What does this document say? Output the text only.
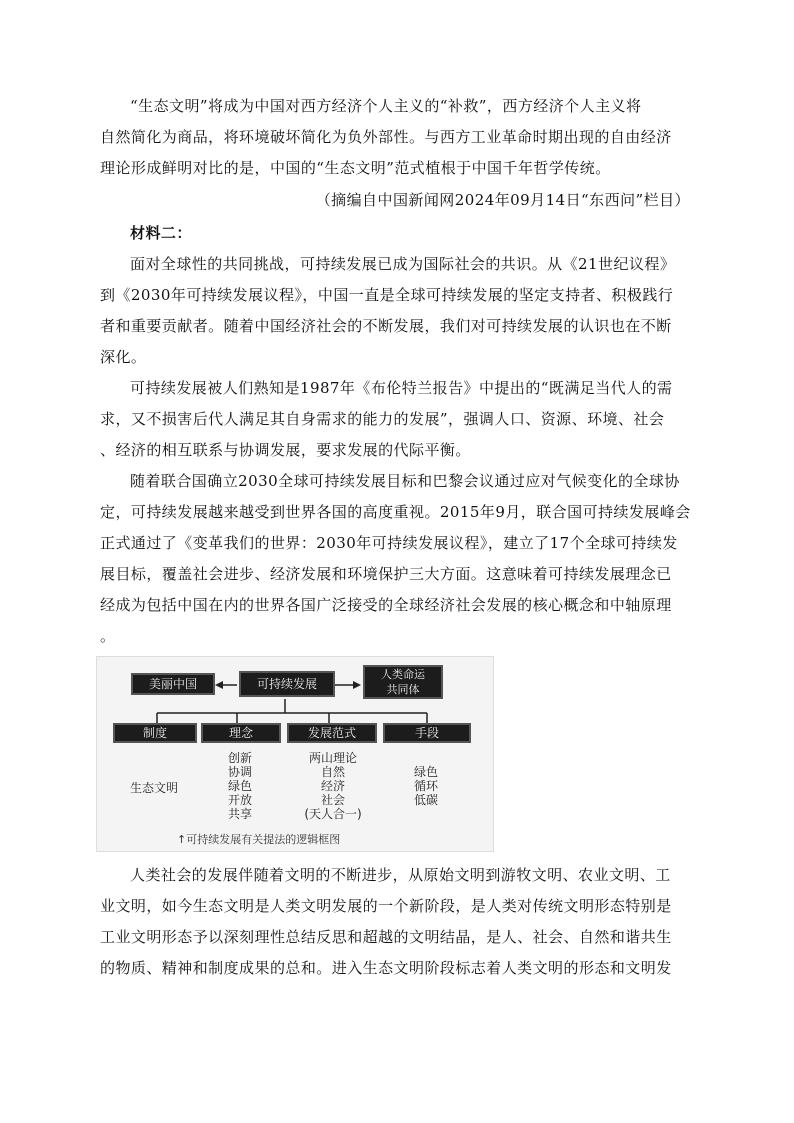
“生态文明”将成为中国对西方经济个人主义的“补救”，西方经济个人主义将
自然简化为商品，将环境破坏简化为负外部性。与西方工业革命时期出现的自由经济
理论形成鲜明对比的是，中国的“生态文明”范式植根于中国千年哲学传统。
（摘编自中国新闻网2024年09月14日“东西问”栏目）
材料二：
面对全球性的共同挑战，可持续发展已成为国际社会的共识。从《21世纪议程》
到《2030年可持续发展议程》，中国一直是全球可持续发展的坚定支持者、积极践行
者和重要贡献者。随着中国经济社会的不断发展，我们对可持续发展的认识也在不断
深化。
可持续发展被人们熟知是1987年《布伦特兰报告》中提出的“既满足当代人的需
求，又不损害后代人满足其自身需求的能力的发展”，强调人口、资源、环境、社会
、经济的相互联系与协调发展，要求发展的代际平衡。
随着联合国确立2030全球可持续发展目标和巴黎会议通过应对气候变化的全球协
定，可持续发展越来越受到世界各国的高度重视。2015年9月，联合国可持续发展峰会
正式通过了《变革我们的世界：2030年可持续发展议程》，建立了17个全球可持续发
展目标，覆盖社会进步、经济发展和环境保护三大方面。这意味着可持续发展理念已
经成为包括中国在内的世界各国广泛接受的全球经济社会发展的核心概念和中轴原理
。
美丽中国	可持续发展
人类命运
共同体
制度	理念	发展范式	手段
生态文明
创新
协调
绿色
开放
共享
两山理论
自然
经济
社会
(天人合一)
绿色
循环
低碳
↑可持续发展有关提法的逻辑框图
人类社会的发展伴随着文明的不断进步，从原始文明到游牧文明、农业文明、工
业文明，如今生态文明是人类文明发展的一个新阶段，是人类对传统文明形态特别是
工业文明形态予以深刻理性总结反思和超越的文明结晶，是人、社会、自然和谐共生
的物质、精神和制度成果的总和。进入生态文明阶段标志着人类文明的形态和文明发
